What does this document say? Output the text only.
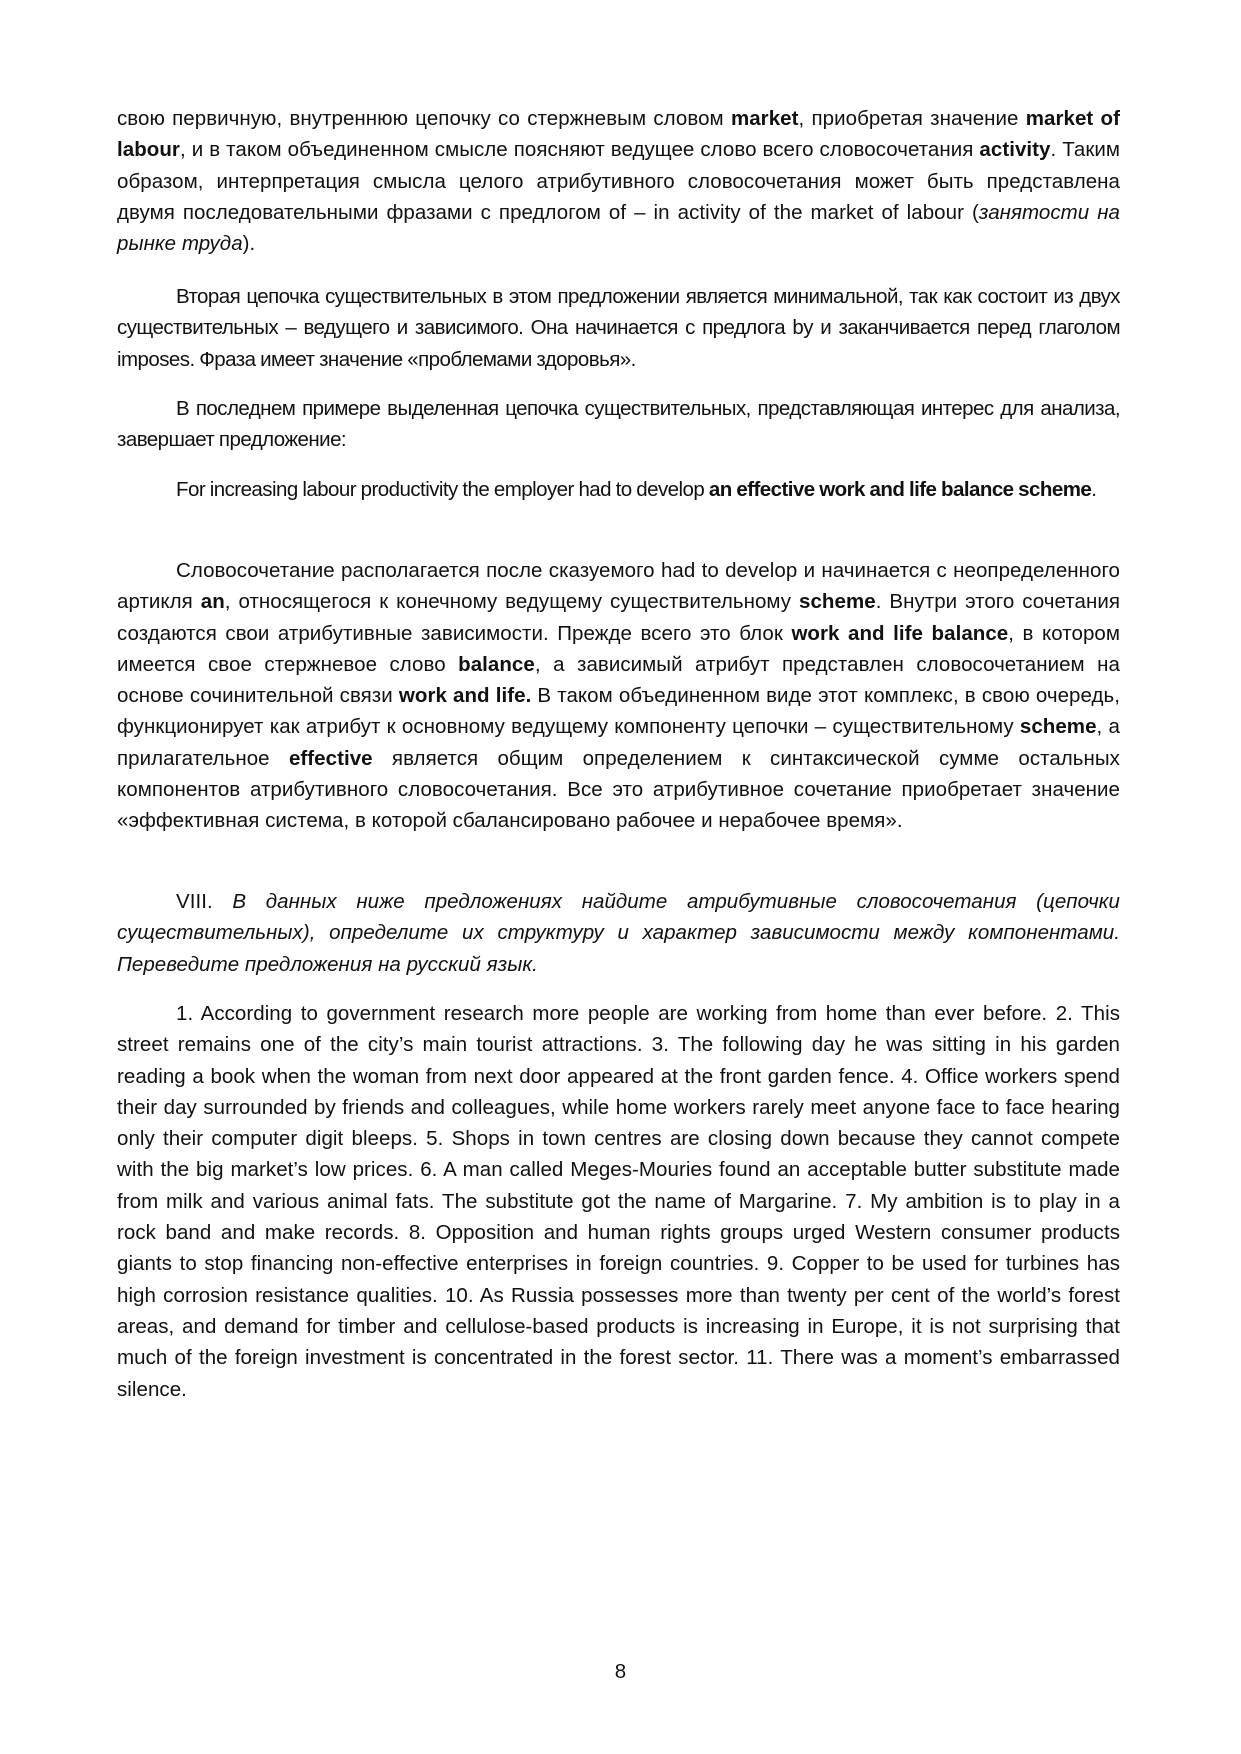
свою первичную, внутреннюю цепочку со стержневым словом market, приобретая значение market of labour, и в таком объединенном смысле поясняют ведущее слово всего словосочетания activity. Таким образом, интерпретация смысла целого атрибутивного словосочетания может быть представлена двумя последовательными фразами с предлогом of – in activity of the market of labour (занятости на рынке труда).

Вторая цепочка существительных в этом предложении является минимальной, так как состоит из двух существительных – ведущего и зависимого. Она начинается с предлога by и заканчивается перед глаголом imposes. Фраза имеет значение «проблемами здоровья».

В последнем примере выделенная цепочка существительных, представляющая интерес для анализа, завершает предложение:

For increasing labour productivity the employer had to develop an effective work and life balance scheme.

Словосочетание располагается после сказуемого had to develop и начинается с неопределенного артикля an, относящегося к конечному ведущему существительному scheme. Внутри этого сочетания создаются свои атрибутивные зависимости. Прежде всего это блок work and life balance, в котором имеется свое стержневое слово balance, а зависимый атрибут представлен словосочетанием на основе сочинительной связи work and life. В таком объединенном виде этот комплекс, в свою очередь, функционирует как атрибут к основному ведущему компоненту цепочки – существительному scheme, а прилагательное effective является общим определением к синтаксической сумме остальных компонентов атрибутивного словосочетания. Все это атрибутивное сочетание приобретает значение «эффективная система, в которой сбалансировано рабочее и нерабочее время».

VIII. В данных ниже предложениях найдите атрибутивные словосочетания (цепочки существительных), определите их структуру и характер зависимости между компонентами. Переведите предложения на русский язык.

1. According to government research more people are working from home than ever before. 2. This street remains one of the city’s main tourist attractions. 3. The following day he was sitting in his garden reading a book when the woman from next door appeared at the front garden fence. 4. Office workers spend their day surrounded by friends and colleagues, while home workers rarely meet anyone face to face hearing only their computer digit bleeps. 5. Shops in town centres are closing down because they cannot compete with the big market’s low prices. 6. A man called Meges-Mouries found an acceptable butter substitute made from milk and various animal fats. The substitute got the name of Margarine. 7. My ambition is to play in a rock band and make records. 8. Opposition and human rights groups urged Western consumer products giants to stop financing non-effective enterprises in foreign countries. 9. Copper to be used for turbines has high corrosion resistance qualities. 10. As Russia possesses more than twenty per cent of the world’s forest areas, and demand for timber and cellulose-based products is increasing in Europe, it is not surprising that much of the foreign investment is concentrated in the forest sector. 11. There was a moment’s embarrassed silence.

8
